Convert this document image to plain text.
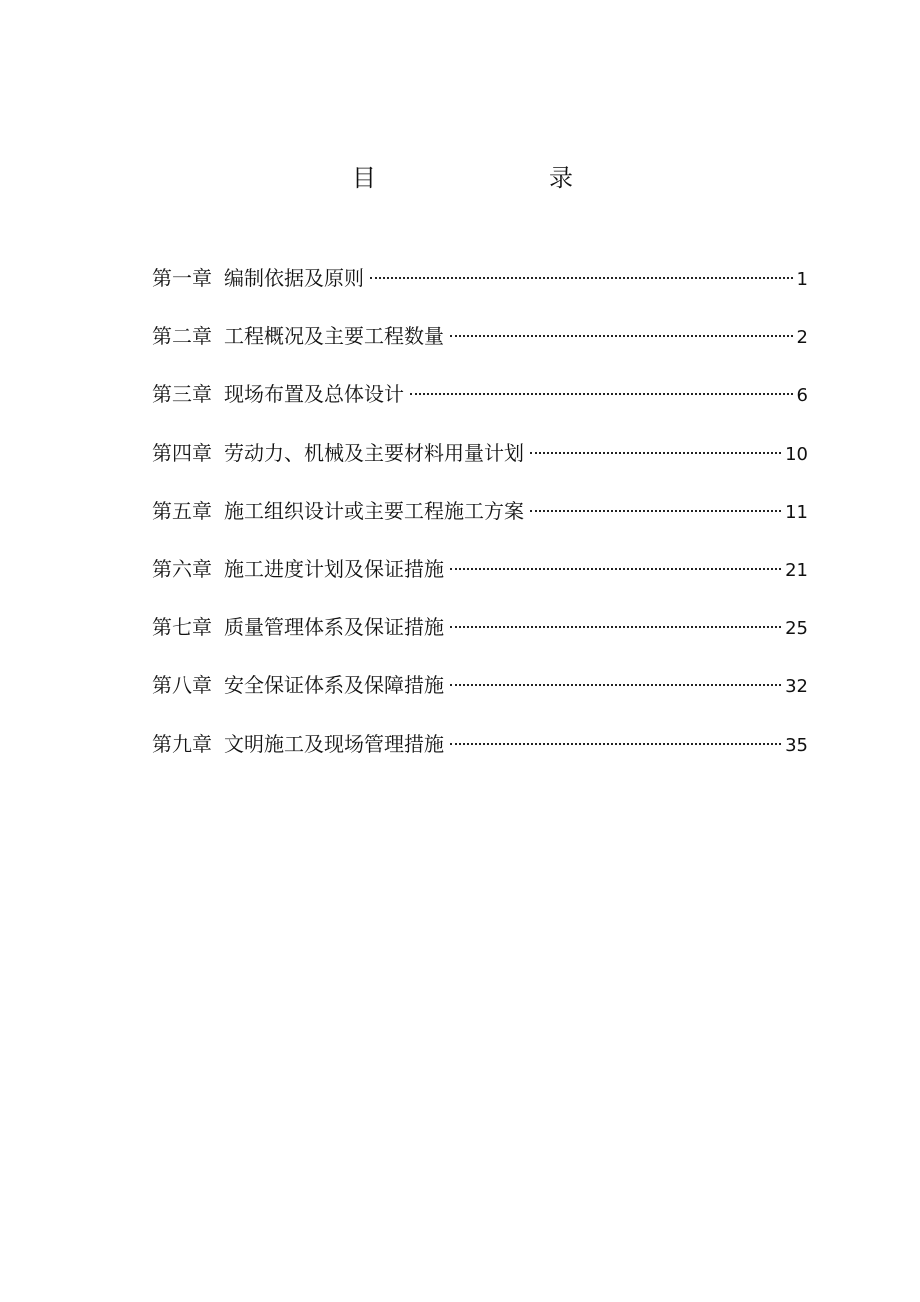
目	录
第一章 编制依据及原则	1
第二章 工程概况及主要工程数量	2
第三章 现场布置及总体设计	6
第四章 劳动力、机械及主要材料用量计划	10
第五章 施工组织设计或主要工程施工方案	11
第六章 施工进度计划及保证措施	21
第七章 质量管理体系及保证措施	25
第八章 安全保证体系及保障措施	32
第九章 文明施工及现场管理措施	35
